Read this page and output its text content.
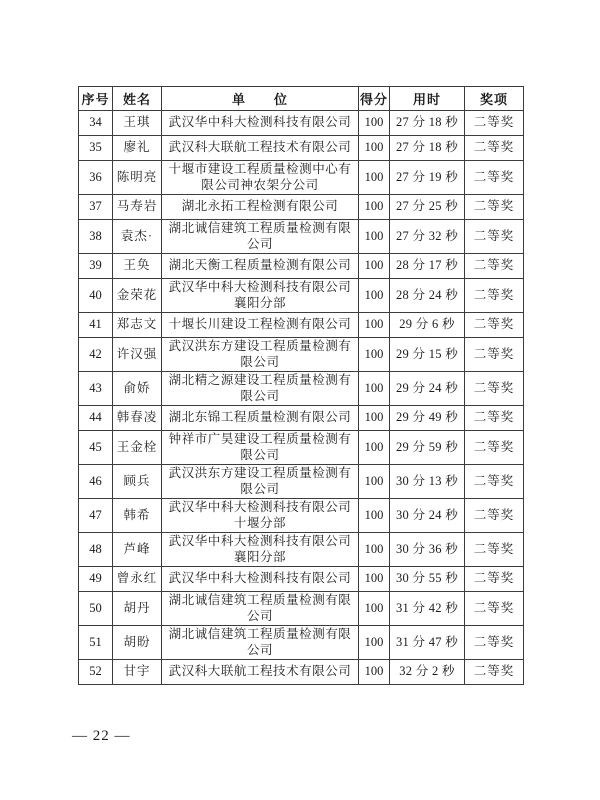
序号	姓名	单　　位	得分	用时	奖项
34	王琪	武汉华中科大检测科技有限公司	100	27 分 18 秒	二等奖
35	廖礼	武汉科大联航工程技术有限公司	100	27 分 18 秒	二等奖
36	陈明亮	十堰市建设工程质量检测中心有限公司神农架分公司	100	27 分 19 秒	二等奖
37	马寿岩	湖北永拓工程检测有限公司	100	27 分 25 秒	二等奖
38	袁杰·	湖北诚信建筑工程质量检测有限公司	100	27 分 32 秒	二等奖
39	王奂	湖北天衡工程质量检测有限公司	100	28 分 17 秒	二等奖
40	金荣花	武汉华中科大检测科技有限公司襄阳分部	100	28 分 24 秒	二等奖
41	郑志文	十堰长川建设工程检测有限公司	100	29 分 6 秒	二等奖
42	许汉强	武汉洪东方建设工程质量检测有限公司	100	29 分 15 秒	二等奖
43	俞娇	湖北精之源建设工程质量检测有限公司	100	29 分 24 秒	二等奖
44	韩春凌	湖北东锦工程质量检测有限公司	100	29 分 49 秒	二等奖
45	王金栓	钟祥市广昊建设工程质量检测有限公司	100	29 分 59 秒	二等奖
46	顾兵	武汉洪东方建设工程质量检测有限公司	100	30 分 13 秒	二等奖
47	韩希	武汉华中科大检测科技有限公司十堰分部	100	30 分 24 秒	二等奖
48	芦峰	武汉华中科大检测科技有限公司襄阳分部	100	30 分 36 秒	二等奖
49	曾永红	武汉华中科大检测科技有限公司	100	30 分 55 秒	二等奖
50	胡丹	湖北诚信建筑工程质量检测有限公司	100	31 分 42 秒	二等奖
51	胡盼	湖北诚信建筑工程质量检测有限公司	100	31 分 47 秒	二等奖
52	甘宇	武汉科大联航工程技术有限公司	100	32 分 2 秒	二等奖
— 22 —
